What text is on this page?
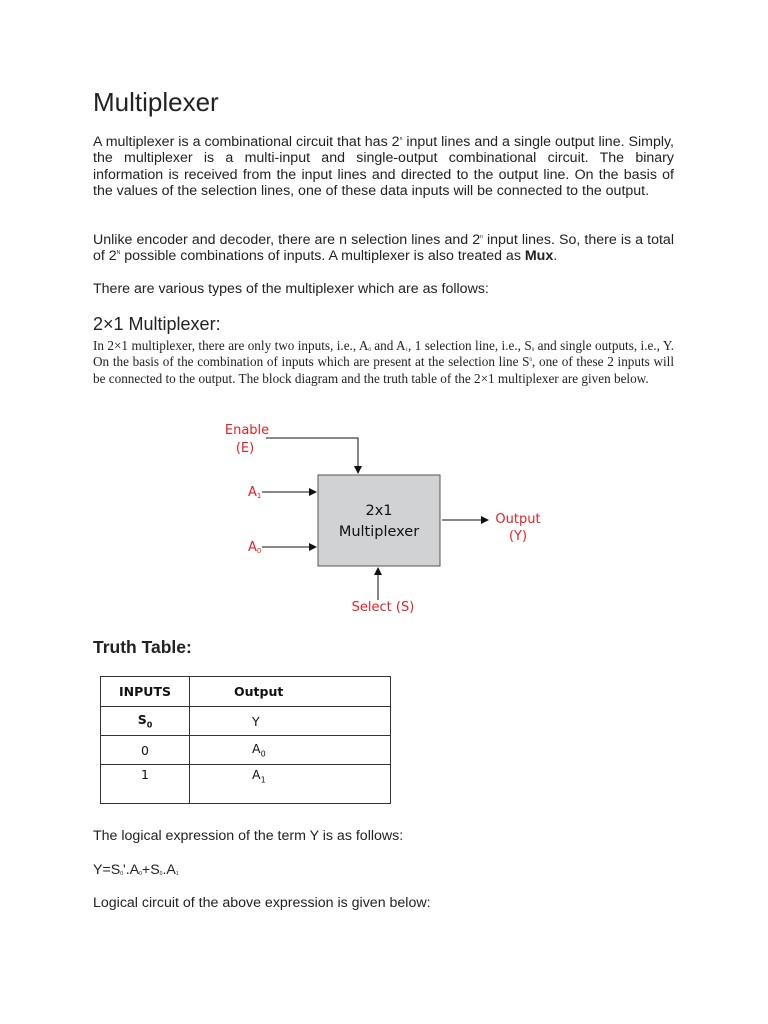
Multiplexer

A multiplexer is a combinational circuit that has 2$^n$ input lines and a single output line. Simply, the multiplexer is a multi-input and single-output combinational circuit. The binary information is received from the input lines and directed to the output line. On the basis of the values of the selection lines, one of these data inputs will be connected to the output.

Unlike encoder and decoder, there are n selection lines and 2$^n$ input lines. So, there is a total of $2^N$ possible combinations of inputs. A multiplexer is also treated as Mux.

There are various types of the multiplexer which are as follows:

2×1 Multiplexer:

In 2×1 multiplexer, there are only two inputs, i.e., $A_0$ and $A_1$, 1 selection line, i.e., $S_0$ and single outputs, i.e., Y. On the basis of the combination of inputs which are present at the selection line $S^0$, one of these 2 inputs will be connected to the output. The block diagram and the truth table of the 2×1 multiplexer are given below.

2x1
Multiplexer
Enable
(E)
A1
A0
Output
(Y)
Select (S)
Truth Table:
INPUTS	Output
$S_0$	Y
0	$A_0$
1	$A_1$

The logical expression of the term Y is as follows:

$Y=S_0'.A_0+S_0.A_1$

Logical circuit of the above expression is given below:
